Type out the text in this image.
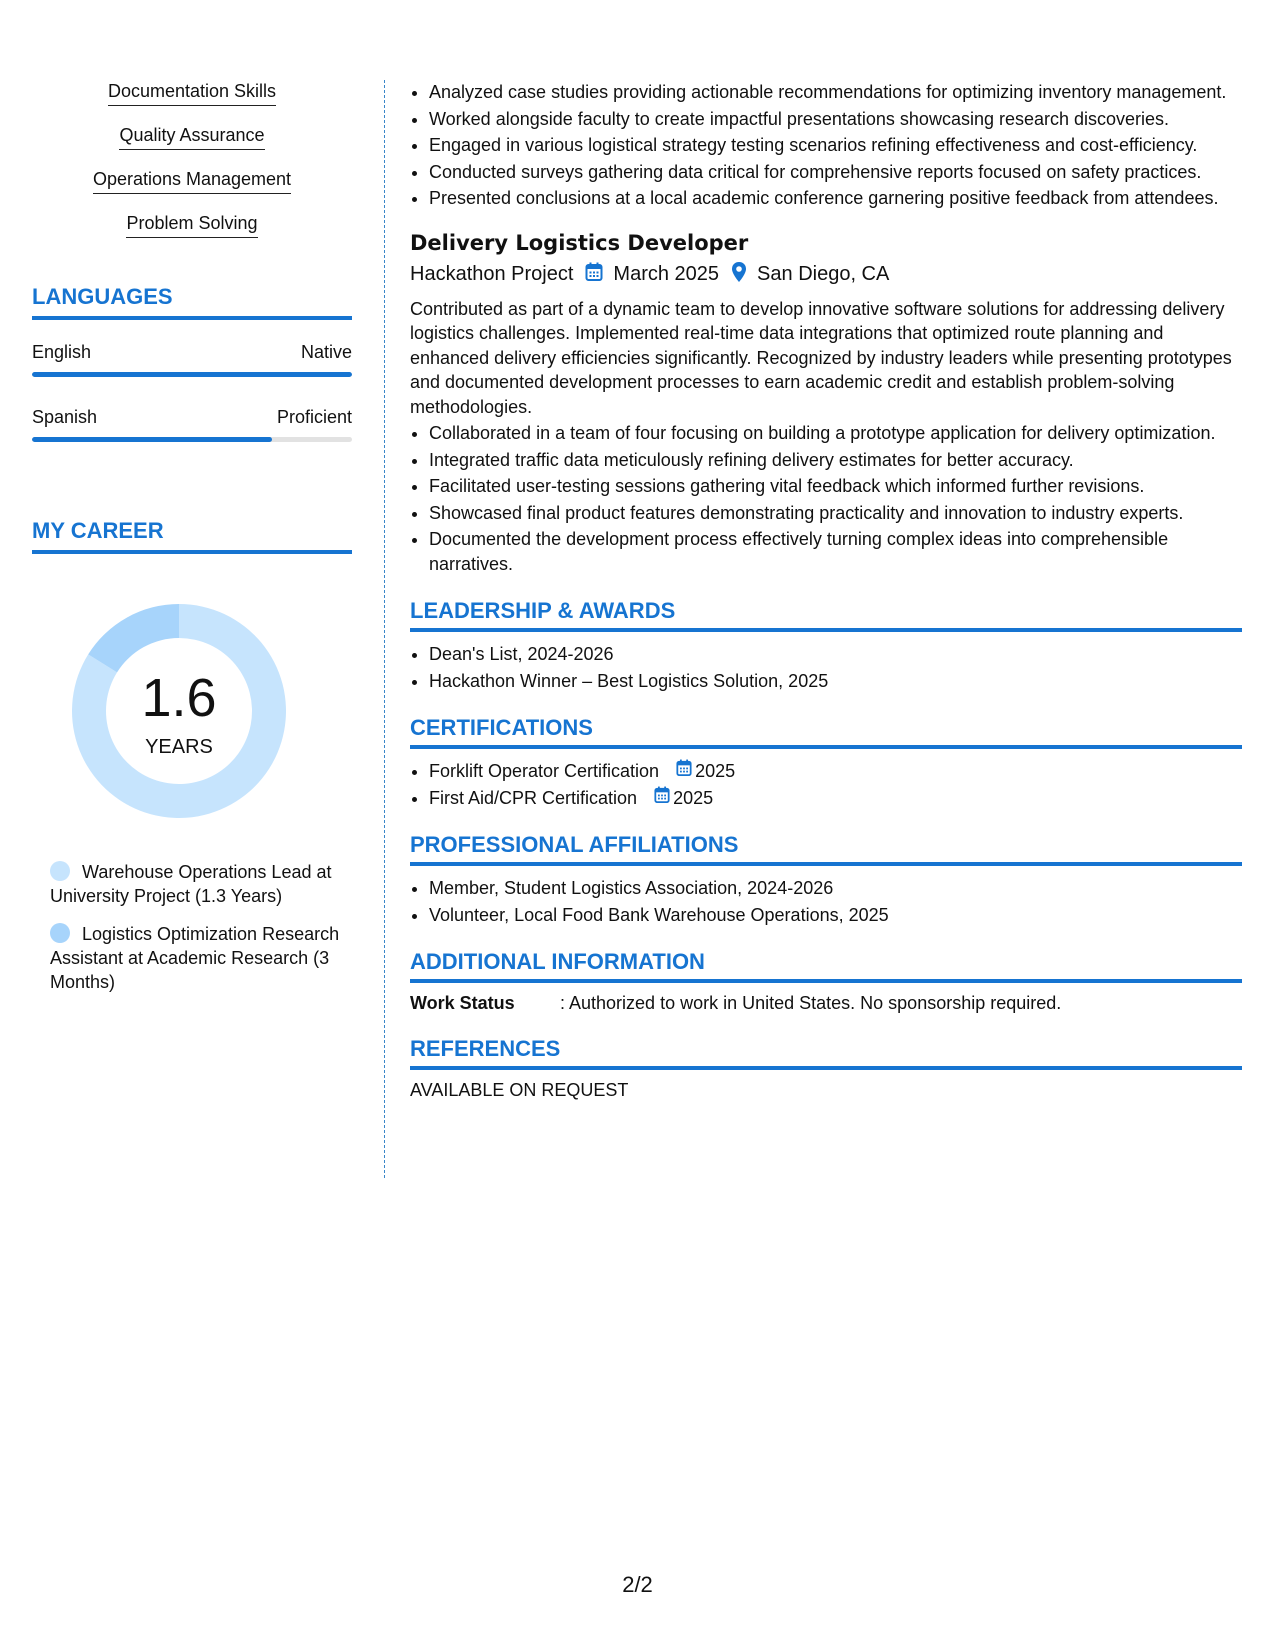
Documentation Skills
Quality Assurance
Operations Management
Problem Solving
LANGUAGES
English	Native
Spanish	Proficient
MY CAREER
1.6
YEARS
Warehouse Operations Lead at University Project (1.3 Years)
Logistics Optimization Research Assistant at Academic Research (3 Months)
• Analyzed case studies providing actionable recommendations for optimizing inventory management.
• Worked alongside faculty to create impactful presentations showcasing research discoveries.
• Engaged in various logistical strategy testing scenarios refining effectiveness and cost-efficiency.
• Conducted surveys gathering data critical for comprehensive reports focused on safety practices.
• Presented conclusions at a local academic conference garnering positive feedback from attendees.
Delivery Logistics Developer
Hackathon Project March 2025 San Diego, CA

Contributed as part of a dynamic team to develop innovative software solutions for addressing delivery logistics challenges. Implemented real-time data integrations that optimized route planning and enhanced delivery efficiencies significantly. Recognized by industry leaders while presenting prototypes and documented development processes to earn academic credit and establish problem-solving methodologies.

• Collaborated in a team of four focusing on building a prototype application for delivery optimization.
• Integrated traffic data meticulously refining delivery estimates for better accuracy.
• Facilitated user-testing sessions gathering vital feedback which informed further revisions.
• Showcased final product features demonstrating practicality and innovation to industry experts.
• Documented the development process effectively turning complex ideas into comprehensible narratives.
LEADERSHIP & AWARDS
• Dean's List, 2024-2026
• Hackathon Winner – Best Logistics Solution, 2025
CERTIFICATIONS
• Forklift Operator Certification 2025
• First Aid/CPR Certification 2025
PROFESSIONAL AFFILIATIONS
• Member, Student Logistics Association, 2024-2026
• Volunteer, Local Food Bank Warehouse Operations, 2025
ADDITIONAL INFORMATION
Work Status	: Authorized to work in United States. No sponsorship required.
REFERENCES
AVAILABLE ON REQUEST
2/2
